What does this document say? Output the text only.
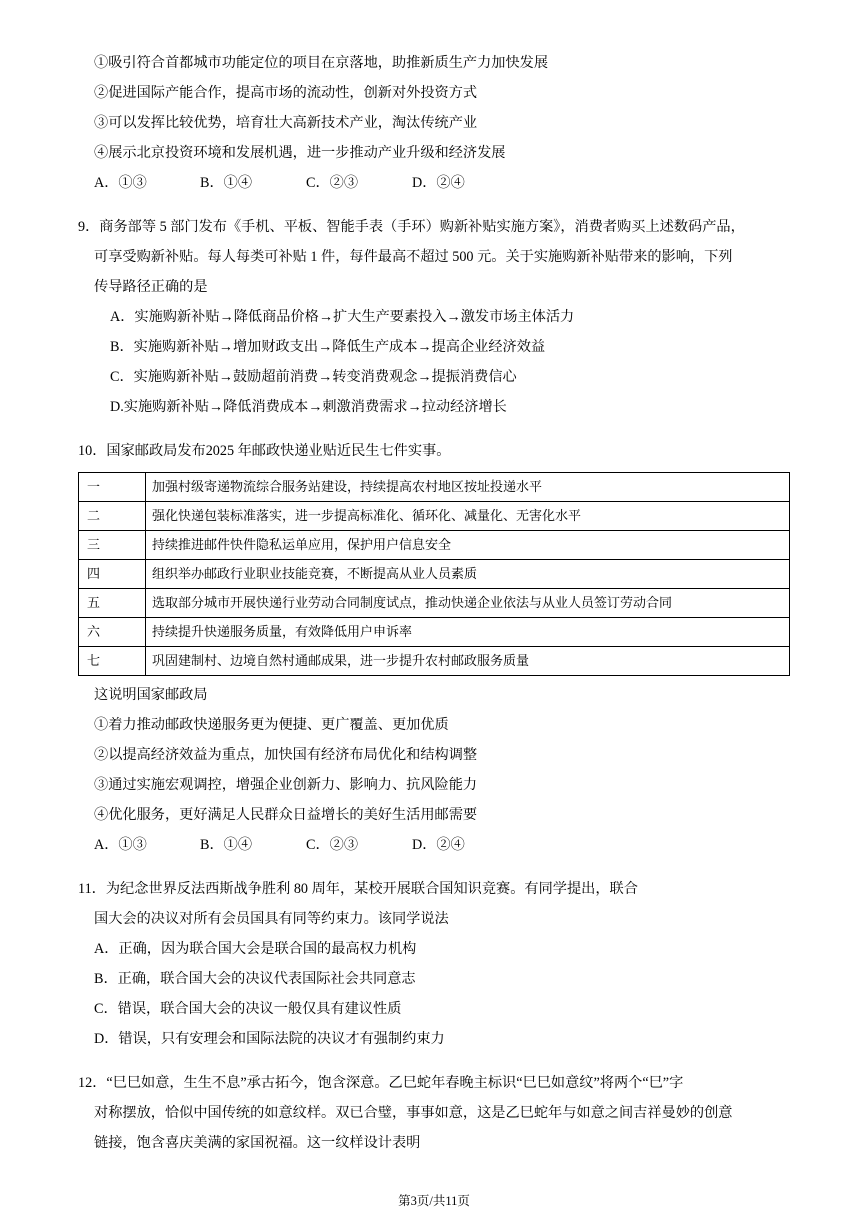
①吸引符合首都城市功能定位的项目在京落地，助推新质生产力加快发展
②促进国际产能合作，提高市场的流动性，创新对外投资方式
③可以发挥比较优势，培育壮大高新技术产业，淘汰传统产业
④展示北京投资环境和发展机遇，进一步推动产业升级和经济发展
A．①③	B．①④	C．②③	D．②④
9．商务部等 5 部门发布《手机、平板、智能手表（手环）购新补贴实施方案》，消费者购买上述数码产品，
可享受购新补贴。每人每类可补贴 1 件，每件最高不超过 500 元。关于实施购新补贴带来的影响，下列
传导路径正确的是
A．实施购新补贴→降低商品价格→扩大生产要素投入→激发市场主体活力
B．实施购新补贴→增加财政支出→降低生产成本→提高企业经济效益
C．实施购新补贴→鼓励超前消费→转变消费观念→提振消费信心
D.实施购新补贴→降低消费成本→刺激消费需求→拉动经济增长
10．国家邮政局发布2025 年邮政快递业贴近民生七件实事。
一	加强村级寄递物流综合服务站建设，持续提高农村地区按址投递水平
二	强化快递包装标准落实，进一步提高标准化、循环化、减量化、无害化水平
三	持续推进邮件快件隐私运单应用，保护用户信息安全
四	组织举办邮政行业职业技能竞赛，不断提高从业人员素质
五	选取部分城市开展快递行业劳动合同制度试点，推动快递企业依法与从业人员签订劳动合同
六	持续提升快递服务质量，有效降低用户申诉率
七	巩固建制村、边境自然村通邮成果，进一步提升农村邮政服务质量
这说明国家邮政局
①着力推动邮政快递服务更为便捷、更广覆盖、更加优质
②以提高经济效益为重点，加快国有经济布局优化和结构调整
③通过实施宏观调控，增强企业创新力、影响力、抗风险能力
④优化服务，更好满足人民群众日益增长的美好生活用邮需要
A．①③	B．①④	C．②③	D．②④
11．为纪念世界反法西斯战争胜利 80 周年，某校开展联合国知识竞赛。有同学提出，联合
国大会的决议对所有会员国具有同等约束力。该同学说法
A．正确，因为联合国大会是联合国的最高权力机构
B．正确，联合国大会的决议代表国际社会共同意志
C．错误，联合国大会的决议一般仅具有建议性质
D．错误，只有安理会和国际法院的决议才有强制约束力
12．“巳巳如意，生生不息”承古拓今，饱含深意。乙巳蛇年春晚主标识“巳巳如意纹”将两个“巳”字
对称摆放，恰似中国传统的如意纹样。双已合璧，事事如意，这是乙巳蛇年与如意之间吉祥曼妙的创意
链接，饱含喜庆美满的家国祝福。这一纹样设计表明
第3页/共11页
